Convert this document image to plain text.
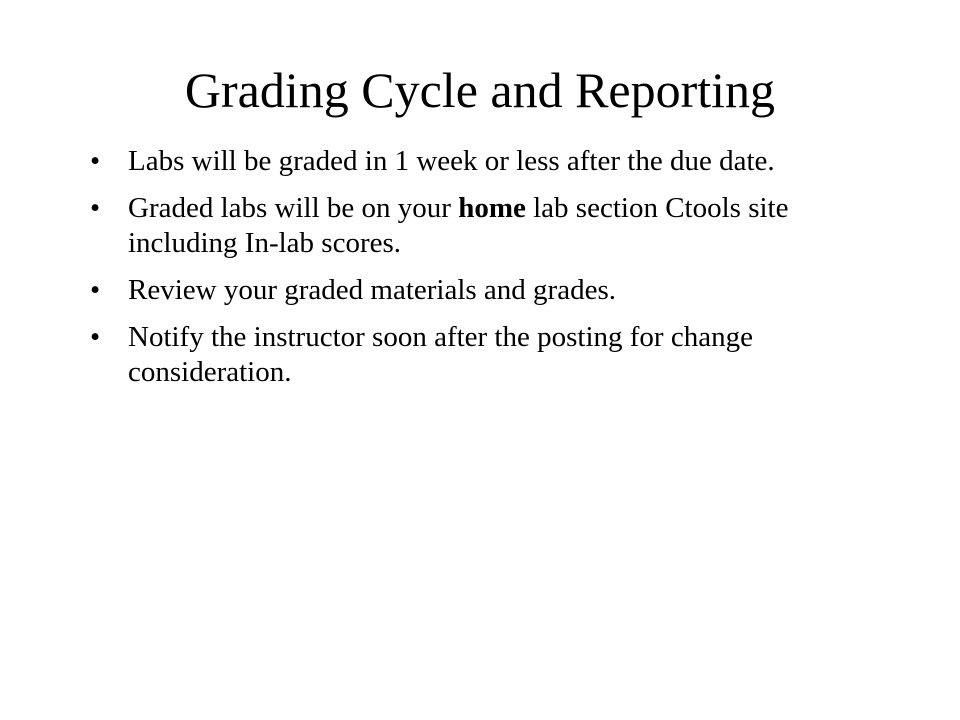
Grading Cycle and Reporting
• Labs will be graded in 1 week or less after the due date.
• Graded labs will be on your home lab section Ctools site including In-lab scores.
• Review your graded materials and grades.
• Notify the instructor soon after the posting for change consideration.
